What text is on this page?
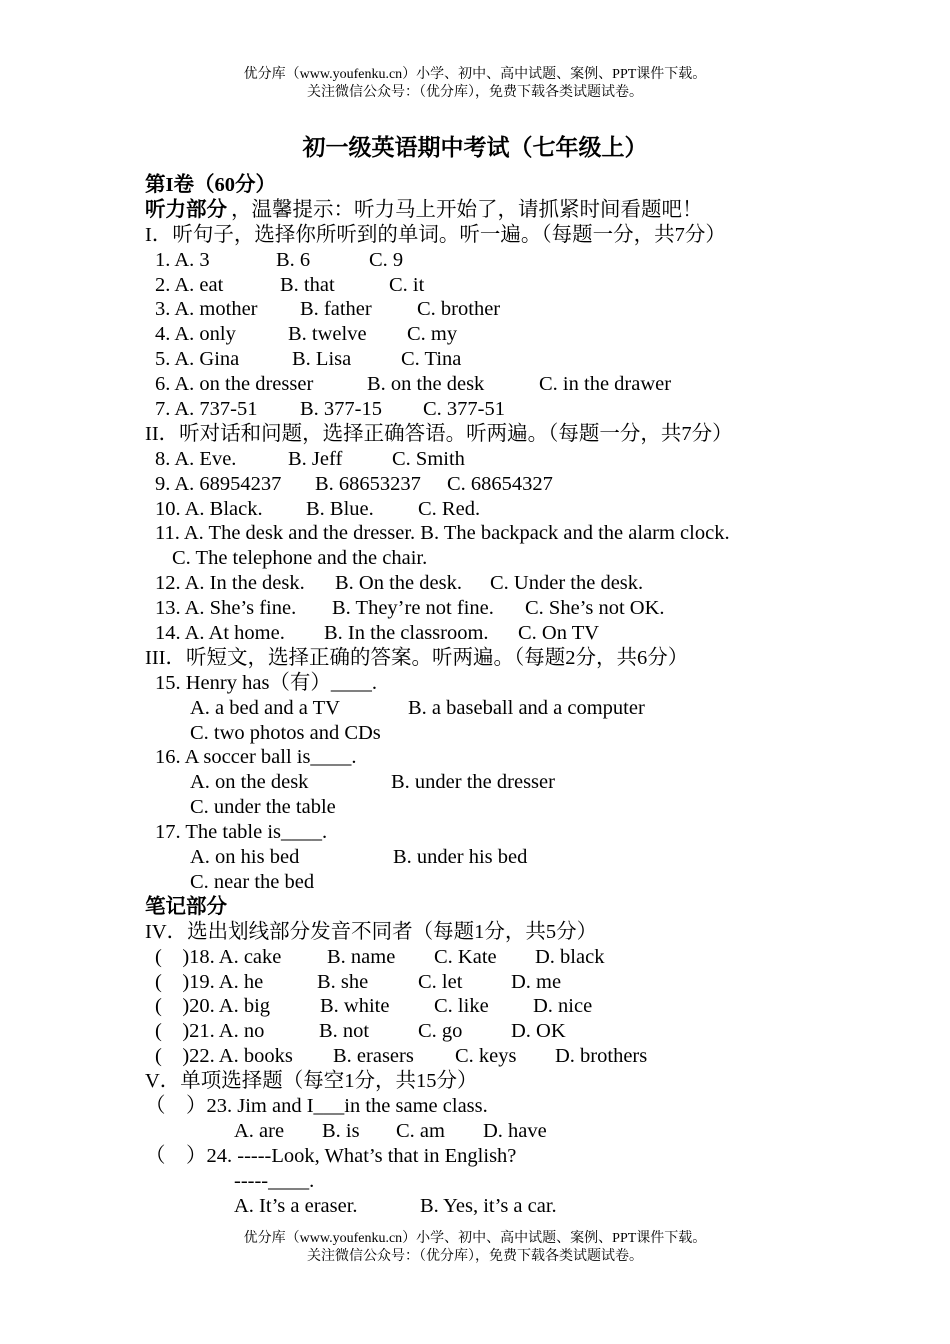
优分库（www.youfenku.cn）小学、初中、高中试题、案例、PPT课件下载。
关注微信公众号：（优分库），免费下载各类试题试卷。
初一级英语期中考试（七年级上）
第I卷（60分）
听力部分 ，温馨提示：听力马上开始了，请抓紧时间看题吧！
I．听句子，选择你所听到的单词。听一遍。（每题一分，共7分）
1. A. 3	B. 6	C. 9
2. A. eat	B. that	C. it
3. A. mother B. father C. brother
4. A. only	B. twelve C. my
5. A. Gina	B. Lisa C. Tina
6. A. on the dresser	B. on the desk	C. in the drawer
7. A. 737-51 B. 377-15 C. 377-51
II．听对话和问题，选择正确答语。听两遍。（每题一分，共7分）
8. A. Eve.	B. Jeff C. Smith
9. A. 68954237 B. 68653237 C. 68654327
10. A. Black. B. Blue. C. Red.
11. A. The desk and the dresser. B. The backpack and the alarm clock.
C. The telephone and the chair.
12. A. In the desk. B. On the desk. C. Under the desk.
13. A. She’s fine. B. They’re not fine. C. She’s not OK.
14. A. At home. B. In the classroom. C. On TV
III．听短文，选择正确的答案。听两遍。（每题2分，共6分）
15. Henry has（有）____.
A. a bed and a TV	B. a baseball and a computer
C. two photos and CDs
16. A soccer ball is____.
A. on the desk	B. under the dresser
C. under the table
17. The table is____.
A. on his bed	B. under his bed
C. near the bed
笔记部分
IV．选出划线部分发音不同者（每题1分，共5分）
(    )18. A. cake B. name C. Kate D. black
(    )19. A. he	B. she C. let D. me
(    )20. A. big B. white C. like D. nice
(    )21. A. no	B. not C. go D. OK
(    )22. A. books B. erasers C. keys D. brothers
V．单项选择题（每空1分，共15分）
（    ）23. Jim and I___in the same class.
A. are B. is C. am D. have
（    ）24. -----Look, What’s that in English?
-----____.
A. It’s a eraser.	B. Yes, it’s a car.
优分库（www.youfenku.cn）小学、初中、高中试题、案例、PPT课件下载。
关注微信公众号：（优分库），免费下载各类试题试卷。
